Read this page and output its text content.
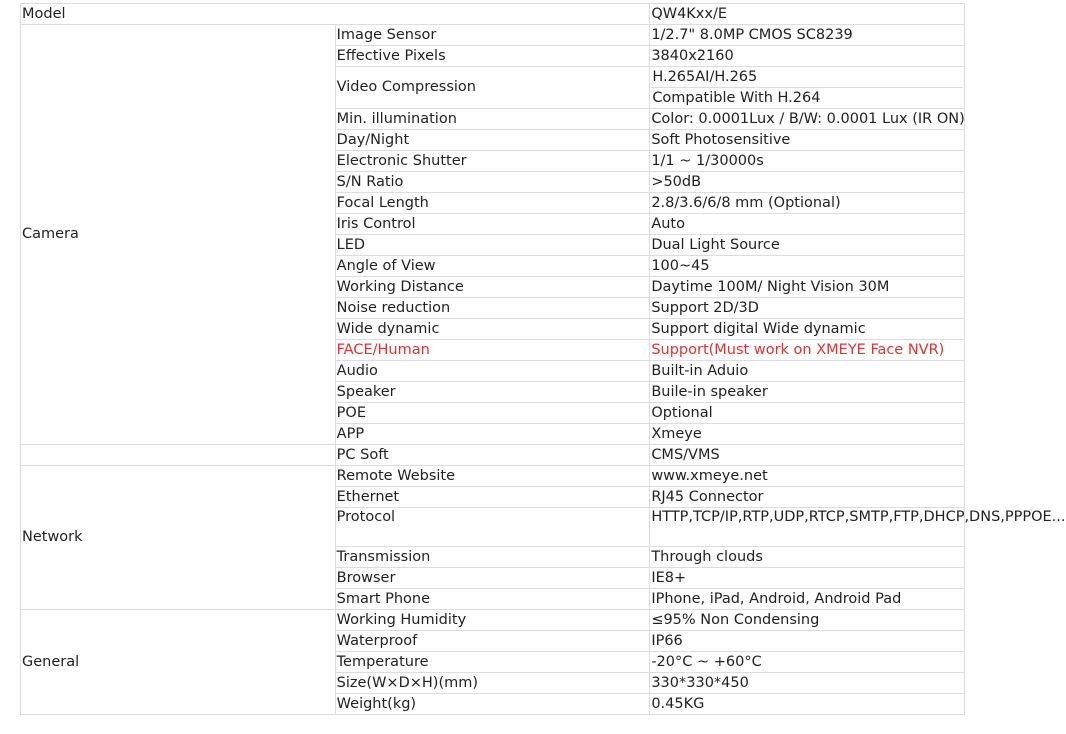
Model		QW4Kxx/E
Camera	Image Sensor	1/2.7" 8.0MP CMOS SC8239
	Effective Pixels	3840x2160
	Video Compression	H.265AI/H.265
Compatible With H.264

	Min. illumination	Color: 0.0001Lux / B/W: 0.0001 Lux (IR ON)
	Day/Night	Soft Photosensitive
	Electronic Shutter	1/1 ~ 1/30000s
	S/N Ratio	>50dB
	Focal Length	2.8/3.6/6/8 mm (Optional)
	Iris Control	Auto
	LED	Dual Light Source
	Angle of View	100~45
	Working Distance	Daytime 100M/ Night Vision 30M
	Noise reduction	Support 2D/3D
	Wide dynamic	Support digital Wide dynamic
	FACE/Human	Support(Must work on XMEYE Face NVR)
	Audio	Built-in Aduio
	Speaker	Buile-in speaker
	POE	Optional
	APP	Xmeye
	PC Soft	CMS/VMS
Network	Remote Website	www.xmeye.net
	Ethernet	RJ45 Connector
	Protocol	HTTP,TCP/IP,RTP,UDP,RTCP,SMTP,FTP,DHCP,DNS,PPPOE...
	Transmission	Through clouds
	Browser	IE8+
	Smart Phone	IPhone, iPad, Android, Android Pad
General	Working Humidity	≤95% Non Condensing
	Waterproof	IP66
	Temperature	-20°C ~ +60°C
	Size(W×D×H)(mm)	330*330*450
	Weight(kg)	0.45KG
